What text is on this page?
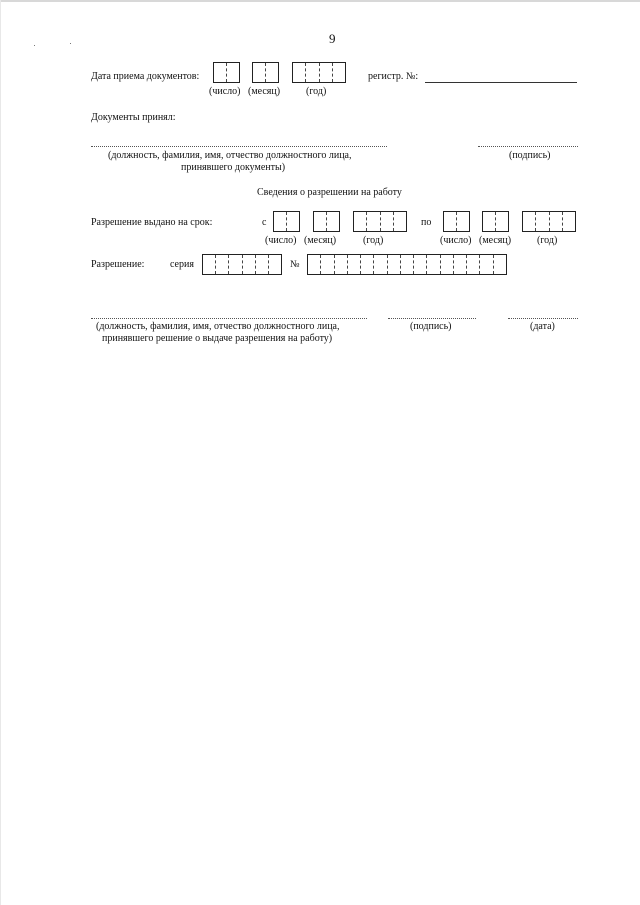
9
Дата приема документов:
(число) (месяц)	(год)
регистр. №:
Документы принял:
(должность, фамилия, имя, отчество должностного лица,
принявшего документы)
(подпись)
Сведения о разрешении на работу
Разрешение выдано на срок:	с	по
(число) (месяц)	(год)	(число) (месяц)	(год)
Разрешение:	серия	№
(должность, фамилия, имя, отчество должностного лица,
принявшего решение о выдаче разрешения на работу)
(подпись)	(дата)
